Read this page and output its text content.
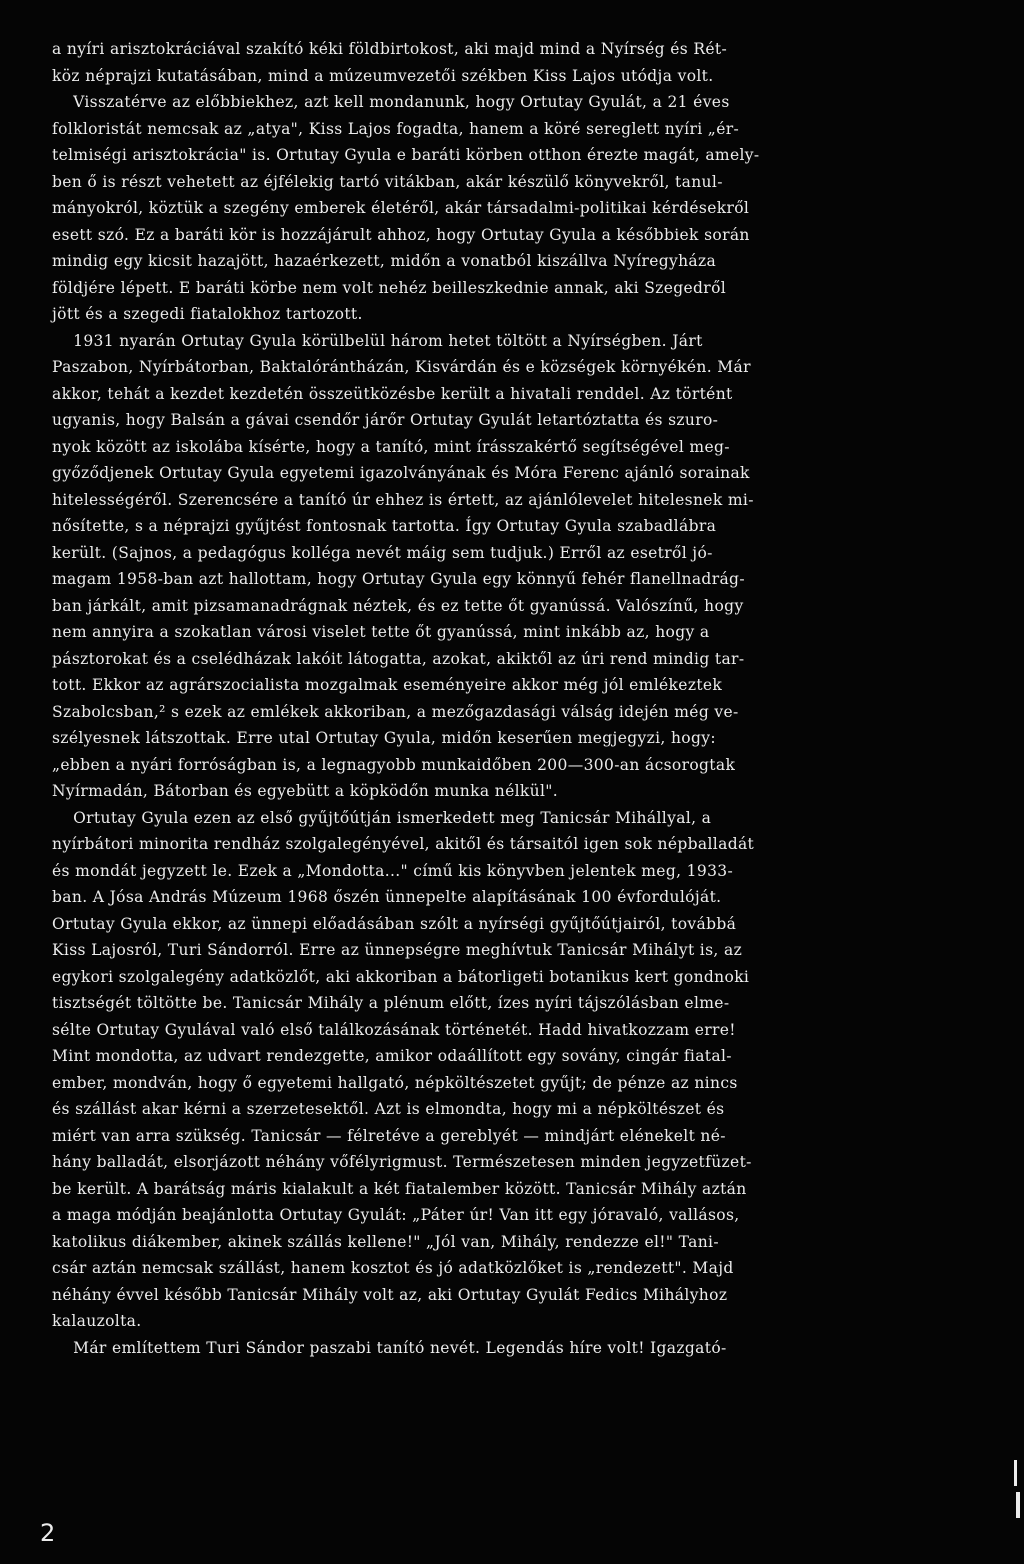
a nyíri arisztokráciával szakító kéki földbirtokost, aki majd mind a Nyírség és Rét-
köz néprajzi kutatásában, mind a múzeumvezetői székben Kiss Lajos utódja volt.
Visszatérve az előbbiekhez, azt kell mondanunk, hogy Ortutay Gyulát, a 21 éves
folkloristát nemcsak az „atya", Kiss Lajos fogadta, hanem a köré sereglett nyíri „ér-
telmiségi arisztokrácia" is. Ortutay Gyula e baráti körben otthon érezte magát, amely-
ben ő is részt vehetett az éjfélekig tartó vitákban, akár készülő könyvekről, tanul-
mányokról, köztük a szegény emberek életéről, akár társadalmi-politikai kérdésekről
esett szó. Ez a baráti kör is hozzájárult ahhoz, hogy Ortutay Gyula a későbbiek során
mindig egy kicsit hazajött, hazaérkezett, midőn a vonatból kiszállva Nyíregyháza
földjére lépett. E baráti körbe nem volt nehéz beilleszkednie annak, aki Szegedről
jött és a szegedi fiatalokhoz tartozott.
1931 nyarán Ortutay Gyula körülbelül három hetet töltött a Nyírségben. Járt
Paszabon, Nyírbátorban, Baktalórántházán, Kisvárdán és e községek környékén. Már
akkor, tehát a kezdet kezdetén összeütközésbe került a hivatali renddel. Az történt
ugyanis, hogy Balsán a gávai csendőr járőr Ortutay Gyulát letartóztatta és szuro-
nyok között az iskolába kísérte, hogy a tanító, mint írásszakértő segítségével meg-
győződjenek Ortutay Gyula egyetemi igazolványának és Móra Ferenc ajánló sorainak
hitelességéről. Szerencsére a tanító úr ehhez is értett, az ajánlólevelet hitelesnek mi-
nősítette, s a néprajzi gyűjtést fontosnak tartotta. Így Ortutay Gyula szabadlábra
került. (Sajnos, a pedagógus kolléga nevét máig sem tudjuk.) Erről az esetről jó-
magam 1958-ban azt hallottam, hogy Ortutay Gyula egy könnyű fehér flanellnadrág-
ban járkált, amit pizsamanadrágnak néztek, és ez tette őt gyanússá. Valószínű, hogy
nem annyira a szokatlan városi viselet tette őt gyanússá, mint inkább az, hogy a
pásztorokat és a cselédházak lakóit látogatta, azokat, akiktől az úri rend mindig tar-
tott. Ekkor az agrárszocialista mozgalmak eseményeire akkor még jól emlékeztek
Szabolcsban,² s ezek az emlékek akkoriban, a mezőgazdasági válság idején még ve-
szélyesnek látszottak. Erre utal Ortutay Gyula, midőn keserűen megjegyzi, hogy:
„ebben a nyári forróságban is, a legnagyobb munkaidőben 200—300-an ácsorogtak
Nyírmadán, Bátorban és egyebütt a köpködőn munka nélkül".
Ortutay Gyula ezen az első gyűjtőútján ismerkedett meg Tanicsár Mihállyal, a
nyírbátori minorita rendház szolgalegényével, akitől és társaitól igen sok népballadát
és mondát jegyzett le. Ezek a „Mondotta..." című kis könyvben jelentek meg, 1933-
ban. A Jósa András Múzeum 1968 őszén ünnepelte alapításának 100 évfordulóját.
Ortutay Gyula ekkor, az ünnepi előadásában szólt a nyírségi gyűjtőútjairól, továbbá
Kiss Lajosról, Turi Sándorról. Erre az ünnepségre meghívtuk Tanicsár Mihályt is, az
egykori szolgalegény adatközlőt, aki akkoriban a bátorligeti botanikus kert gondnoki
tisztségét töltötte be. Tanicsár Mihály a plénum előtt, ízes nyíri tájszólásban elme-
sélte Ortutay Gyulával való első találkozásának történetét. Hadd hivatkozzam erre!
Mint mondotta, az udvart rendezgette, amikor odaállított egy sovány, cingár fiatal-
ember, mondván, hogy ő egyetemi hallgató, népköltészetet gyűjt; de pénze az nincs
és szállást akar kérni a szerzetesektől. Azt is elmondta, hogy mi a népköltészet és
miért van arra szükség. Tanicsár — félretéve a gereblyét — mindjárt elénekelt né-
hány balladát, elsorjázott néhány vőfélyrigmust. Természetesen minden jegyzetfüzet-
be került. A barátság máris kialakult a két fiatalember között. Tanicsár Mihály aztán
a maga módján beajánlotta Ortutay Gyulát: „Páter úr! Van itt egy jóravaló, vallásos,
katolikus diákember, akinek szállás kellene!" „Jól van, Mihály, rendezze el!" Tani-
csár aztán nemcsak szállást, hanem kosztot és jó adatközlőket is „rendezett". Majd
néhány évvel később Tanicsár Mihály volt az, aki Ortutay Gyulát Fedics Mihályhoz
kalauzolta.
Már említettem Turi Sándor paszabi tanító nevét. Legendás híre volt! Igazgató-
2
